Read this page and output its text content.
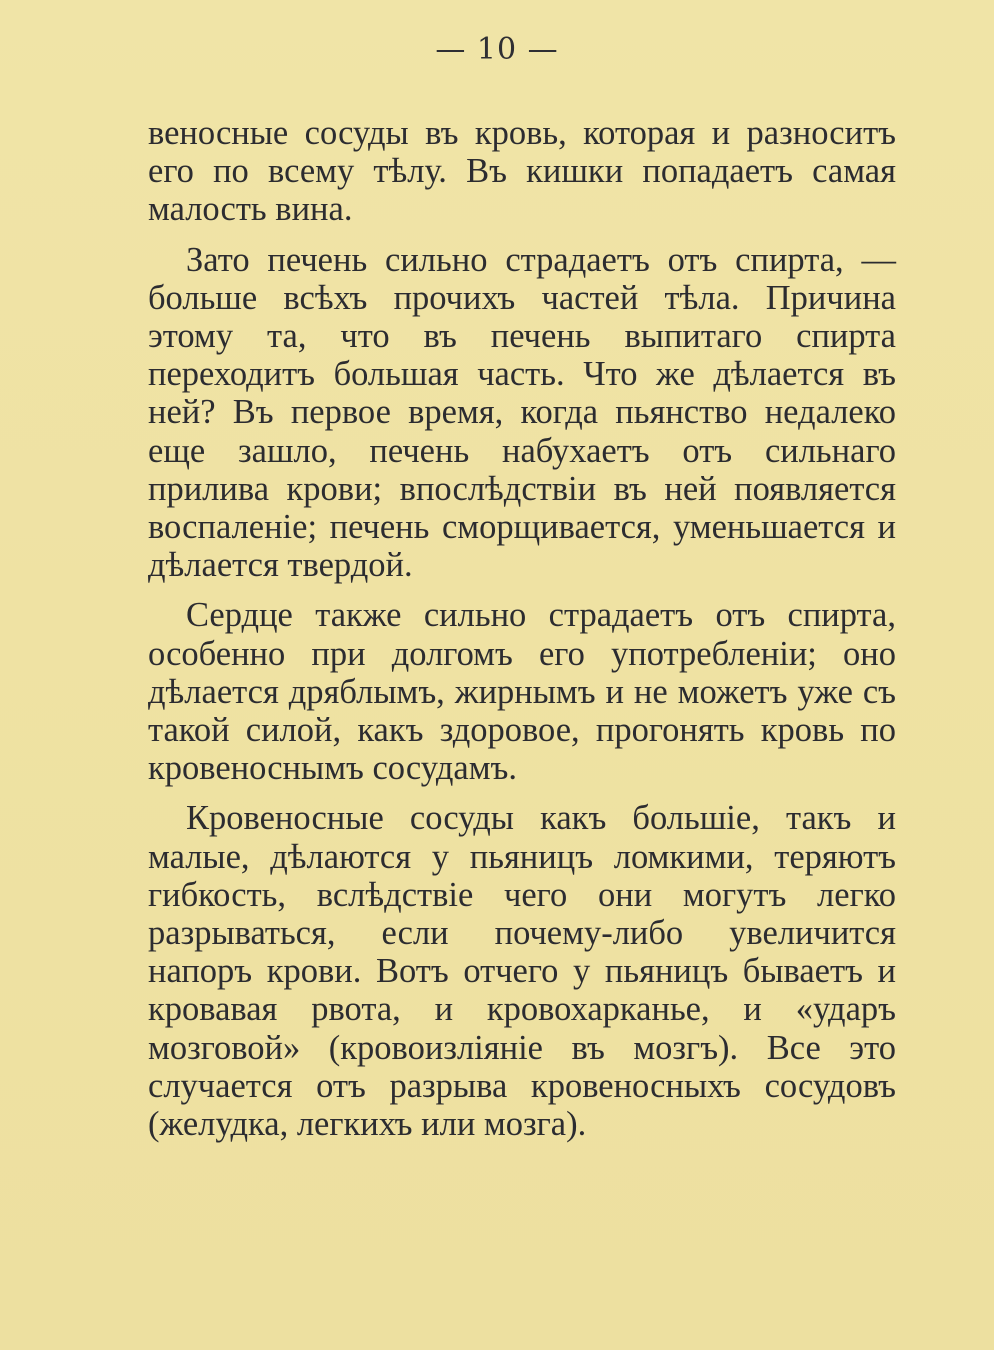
— 10 —

веносные сосуды въ кровь, которая и разноситъ его по всему тѣлу. Въ кишки попадаетъ самая малость вина.

Зато печень сильно страдаетъ отъ спирта, — больше всѣхъ прочихъ частей тѣла. Причина этому та, что въ печень выпитаго спирта переходитъ большая часть. Что же дѣлается въ ней? Въ первое время, когда пьянство недалеко еще зашло, печень набухаетъ отъ сильнаго прилива крови; впослѣдствіи въ ней появляется воспаленіе; печень сморщивается, уменьшается и дѣлается твердой.

Сердце также сильно страдаетъ отъ спирта, особенно при долгомъ его употребленіи; оно дѣлается дряблымъ, жирнымъ и не можетъ уже съ такой силой, какъ здоровое, прогонять кровь по кровеноснымъ сосудамъ.

Кровеносные сосуды какъ большіе, такъ и малые, дѣлаются у пьяницъ ломкими, теряютъ гибкость, вслѣдствіе чего они могутъ легко разрываться, если почему-либо увеличится напоръ крови. Вотъ отчего у пьяницъ бываетъ и кровавая рвота, и кровохарканье, и «ударъ мозговой» (кровоизліяніе въ мозгъ). Все это случается отъ разрыва кровеносныхъ сосудовъ (желудка, легкихъ или мозга).
